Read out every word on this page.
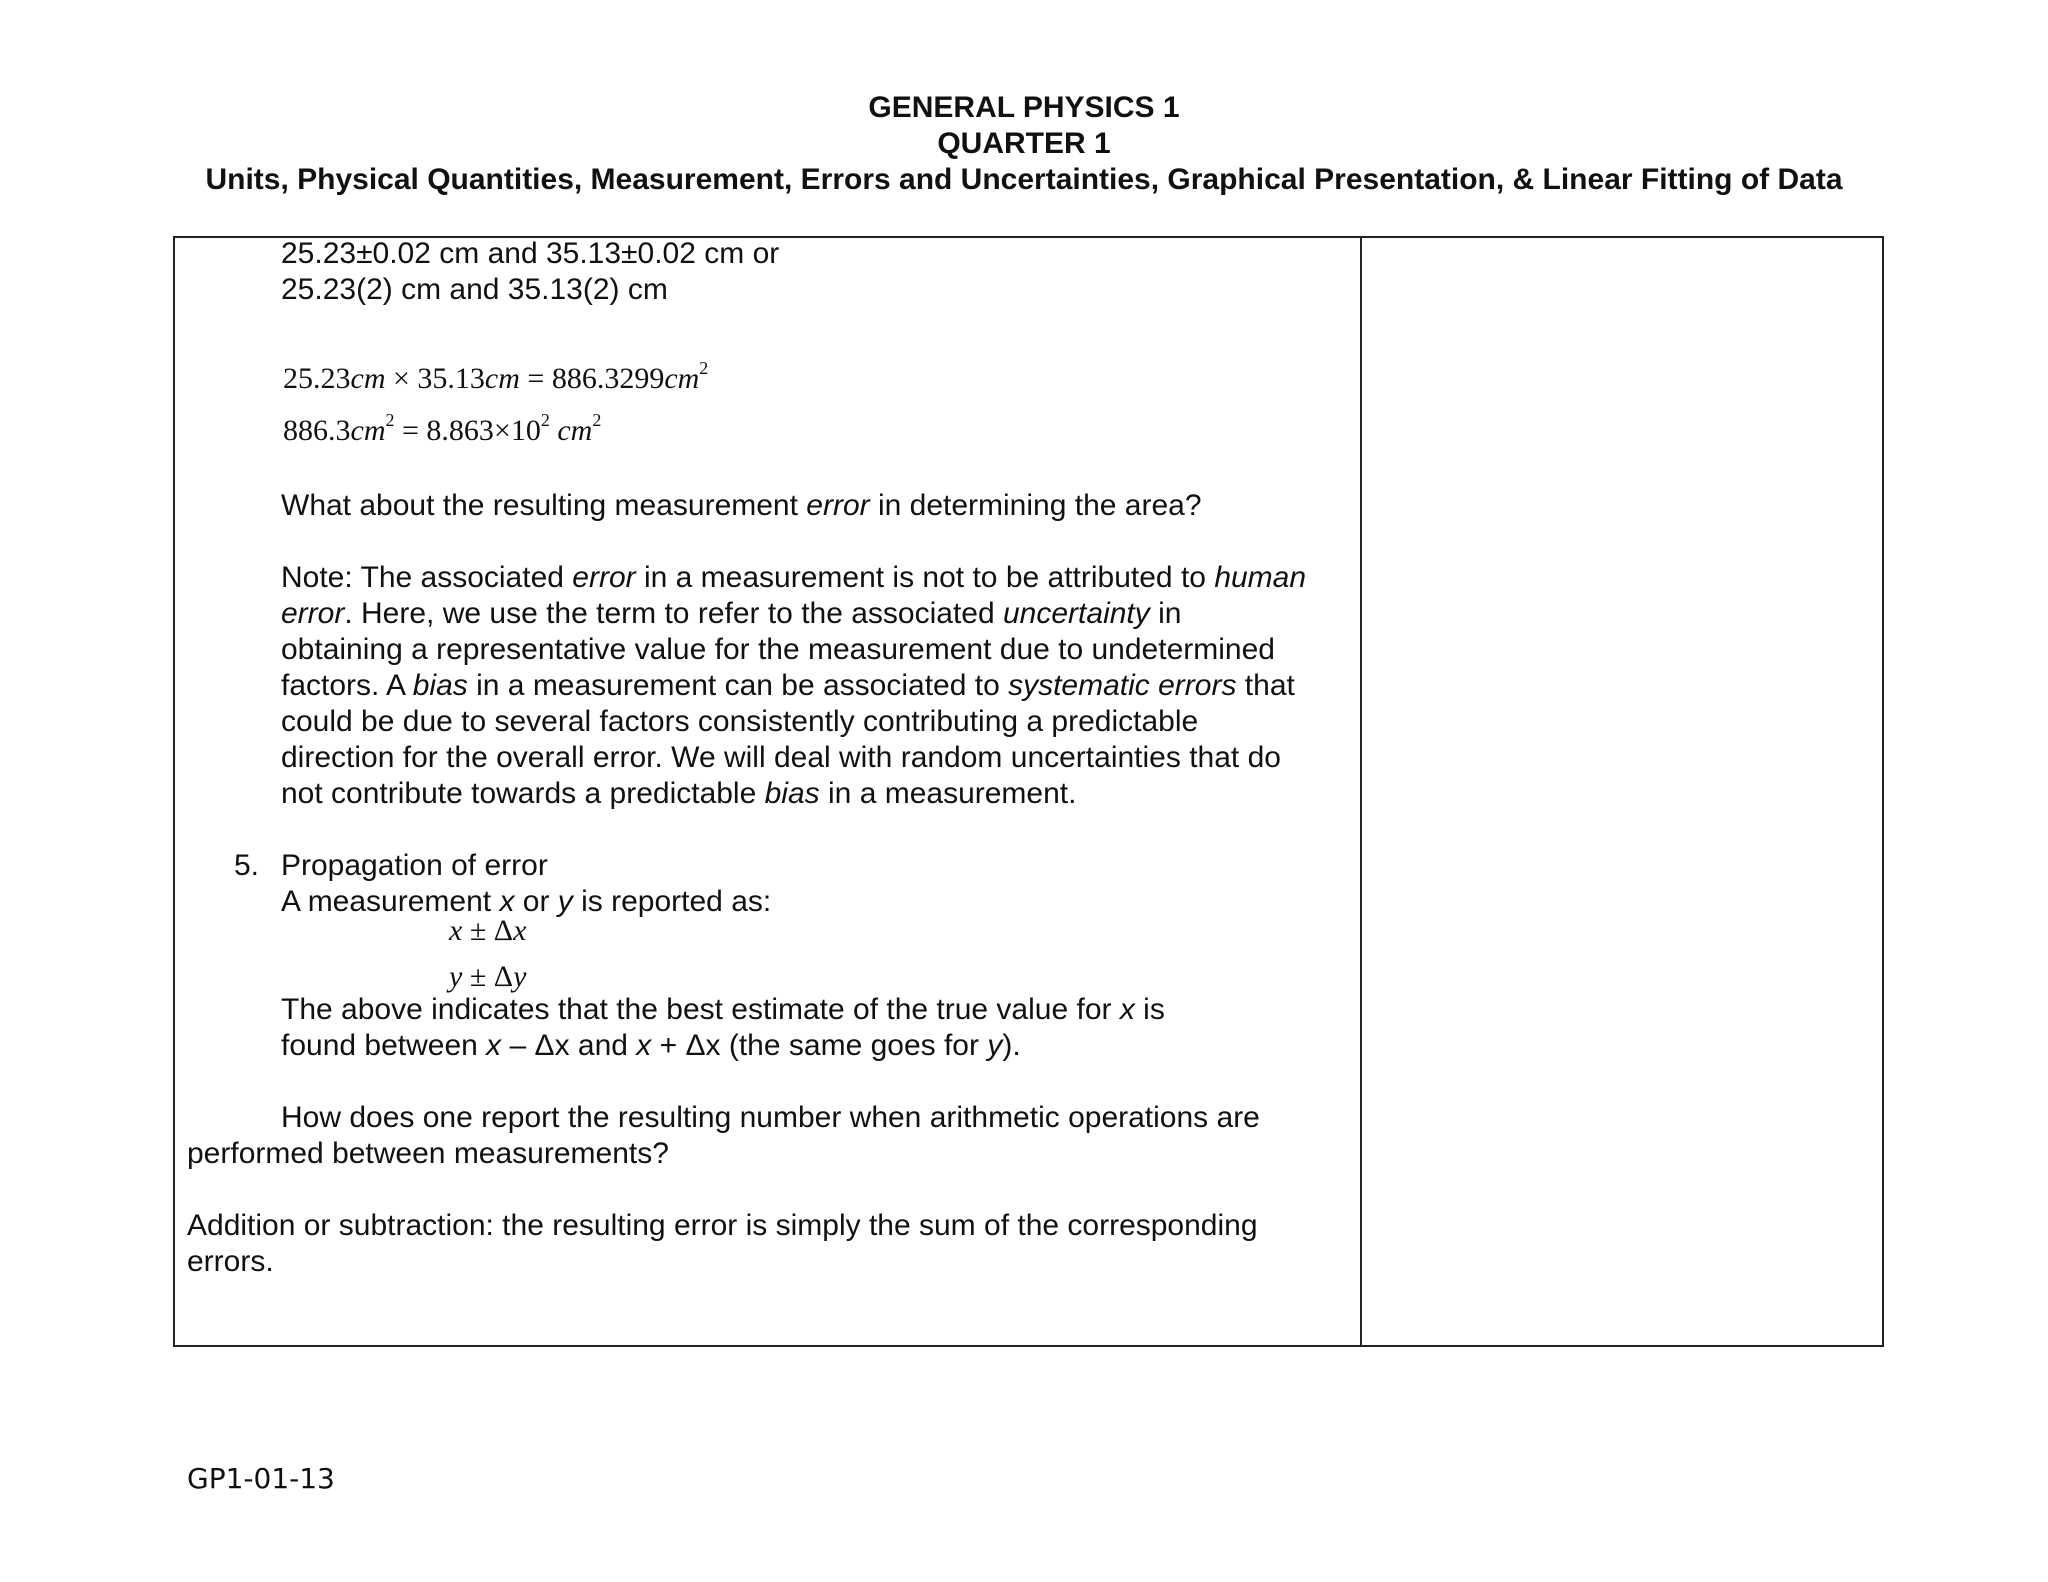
GENERAL PHYSICS 1
QUARTER 1
Units, Physical Quantities, Measurement, Errors and Uncertainties, Graphical Presentation, & Linear Fitting of Data
25.23±0.02 cm and 35.13±0.02 cm or
25.23(2) cm and 35.13(2) cm
$25.23cm \times 35.13cm = 886.3299cm^2$
$886.3cm^2 = 8.863\times 10^2$ $cm^2$
What about the resulting measurement error in determining the area?
Note: The associated error in a measurement is not to be attributed to human
error. Here, we use the term to refer to the associated uncertainty in
obtaining a representative value for the measurement due to undetermined
factors. A bias in a measurement can be associated to systematic errors that
could be due to several factors consistently contributing a predictable
direction for the overall error. We will deal with random uncertainties that do
not contribute towards a predictable bias in a measurement.
5. Propagation of error
A measurement x or y is reported as:
x ± Δx
y ± Δy
The above indicates that the best estimate of the true value for x is
found between x – Δx and x + Δx (the same goes for y).
How does one report the resulting number when arithmetic operations are
performed between measurements?
Addition or subtraction: the resulting error is simply the sum of the corresponding
errors.
GP1-01-13
